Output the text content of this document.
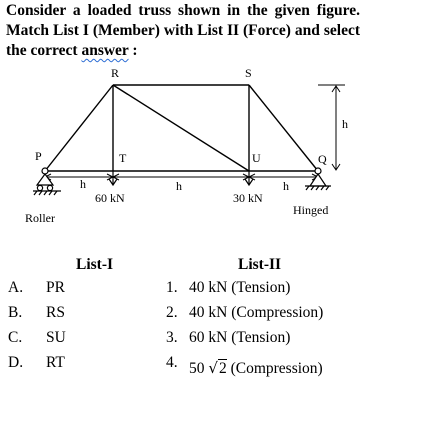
Consider a loaded truss shown in the given figure. Match List I (Member) with List II (Force) and select the correct answer :

R	S
P	T	U	Q
h
h	h	h
60 kN	30 kN
Hinged
Roller
List-I	List-II
A. PR	1. 40 kN (Tension)
B. RS	2. 40 kN (Compression)
C. SU	3. 60 kN (Tension)
D. RT	4. 50 √2 (Compression)
